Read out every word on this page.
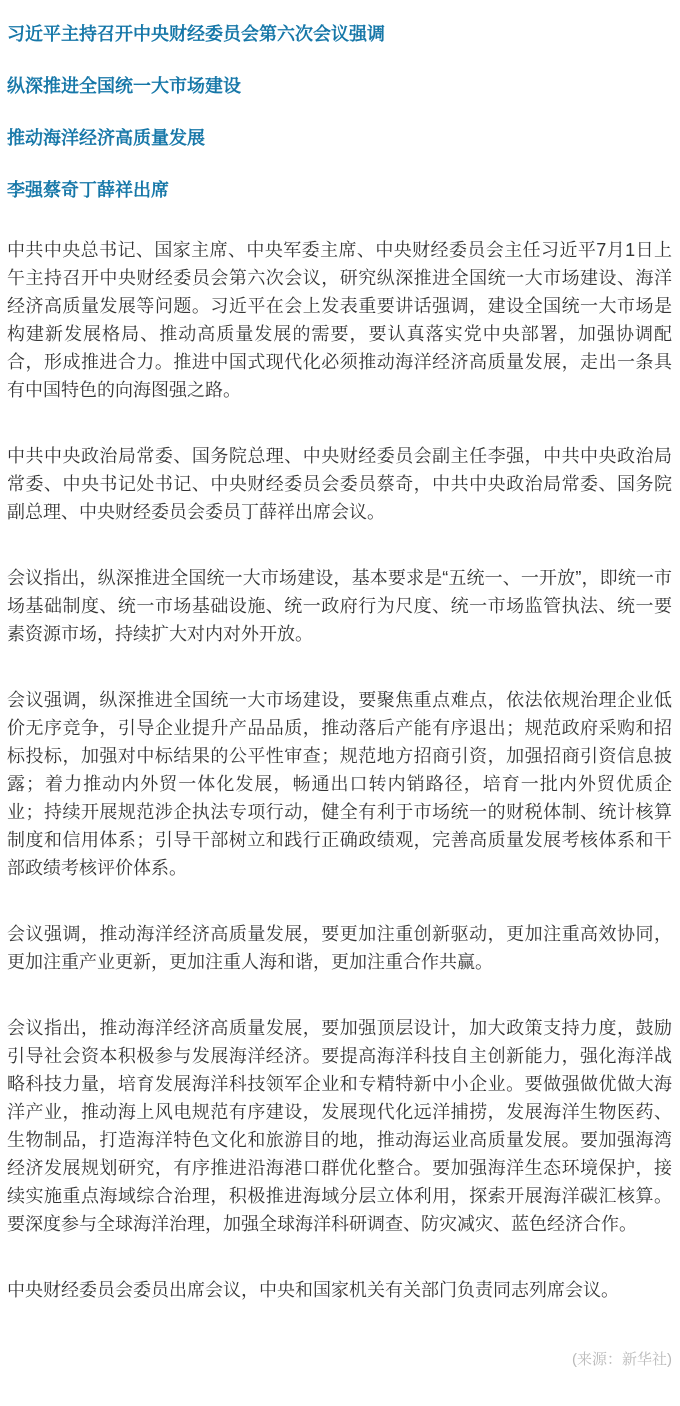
习近平主持召开中央财经委员会第六次会议强调
纵深推进全国统一大市场建设
推动海洋经济高质量发展
李强蔡奇丁薛祥出席

中共中央总书记、国家主席、中央军委主席、中央财经委员会主任习近平7月1日上午主持召开中央财经委员会第六次会议，研究纵深推进全国统一大市场建设、海洋经济高质量发展等问题。习近平在会上发表重要讲话强调，建设全国统一大市场是构建新发展格局、推动高质量发展的需要，要认真落实党中央部署，加强协调配合，形成推进合力。推进中国式现代化必须推动海洋经济高质量发展，走出一条具有中国特色的向海图强之路。

中共中央政治局常委、国务院总理、中央财经委员会副主任李强，中共中央政治局常委、中央书记处书记、中央财经委员会委员蔡奇，中共中央政治局常委、国务院副总理、中央财经委员会委员丁薛祥出席会议。

会议指出，纵深推进全国统一大市场建设，基本要求是“五统一、一开放”，即统一市场基础制度、统一市场基础设施、统一政府行为尺度、统一市场监管执法、统一要素资源市场，持续扩大对内对外开放。

会议强调，纵深推进全国统一大市场建设，要聚焦重点难点，依法依规治理企业低价无序竞争，引导企业提升产品品质，推动落后产能有序退出；规范政府采购和招标投标，加强对中标结果的公平性审查；规范地方招商引资，加强招商引资信息披露；着力推动内外贸一体化发展，畅通出口转内销路径，培育一批内外贸优质企业；持续开展规范涉企执法专项行动，健全有利于市场统一的财税体制、统计核算制度和信用体系；引导干部树立和践行正确政绩观，完善高质量发展考核体系和干部政绩考核评价体系。

会议强调，推动海洋经济高质量发展，要更加注重创新驱动，更加注重高效协同，更加注重产业更新，更加注重人海和谐，更加注重合作共赢。

会议指出，推动海洋经济高质量发展，要加强顶层设计，加大政策支持力度，鼓励引导社会资本积极参与发展海洋经济。要提高海洋科技自主创新能力，强化海洋战略科技力量，培育发展海洋科技领军企业和专精特新中小企业。要做强做优做大海洋产业，推动海上风电规范有序建设，发展现代化远洋捕捞，发展海洋生物医药、生物制品，打造海洋特色文化和旅游目的地，推动海运业高质量发展。要加强海湾经济发展规划研究，有序推进沿海港口群优化整合。要加强海洋生态环境保护，接续实施重点海域综合治理，积极推进海域分层立体利用，探索开展海洋碳汇核算。要深度参与全球海洋治理，加强全球海洋科研调查、防灾减灾、蓝色经济合作。

中央财经委员会委员出席会议，中央和国家机关有关部门负责同志列席会议。

(来源：新华社)
